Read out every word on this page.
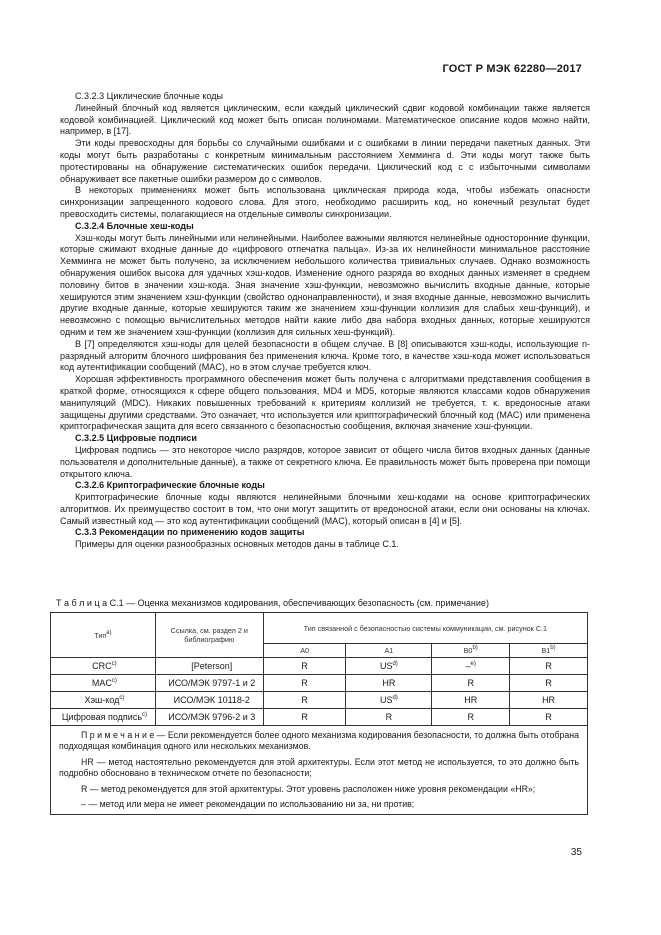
ГОСТ Р МЭК 62280—2017

С.3.2.3 Циклические блочные коды

Линейный блочный код является циклическим, если каждый циклический сдвиг кодовой комбинации также является кодовой комбинацией. Циклический код может быть описан полиномами. Математическое описание кодов можно найти, например, в [17].

Эти коды превосходны для борьбы со случайными ошибками и с ошибками в линии передачи пакетных данных. Эти коды могут быть разработаны с конкретным минимальным расстоянием Хемминга d. Эти коды могут также быть протестированы на обнаружение систематических ошибок передачи. Циклический код с с избыточными символами обнаруживает все пакетные ошибки размером до с символов.

В некоторых применениях может быть использована циклическая природа кода, чтобы избежать опасности синхронизации запрещенного кодового слова. Для этого, необходимо расширить код, но конечный результат будет превосходить системы, полагающиеся на отдельные символы синхронизации.

С.3.2.4 Блочные хеш-коды

Хэш-коды могут быть линейными или нелинейными. Наиболее важными являются нелинейные односторонние функции, которые сжимают входные данные до «цифрового отпечатка пальца». Из-за их нелинейности минимальное расстояние Хемминга не может быть получено, за исключением небольшого количества тривиальных случаев. Однако возможность обнаружения ошибок высока для удачных хэш-кодов. Изменение одного разряда во входных данных изменяет в среднем половину битов в значении хэш-кода. Зная значение хэш-функции, невозможно вычислить входные данные, которые хешируются этим значением хэш-функции (свойство однонаправленности), и зная входные данные, невозможно вычислить другие входные данные, которые хешируются таким же значением хэш-функции коллизия для слабых хеш-функций), и невозможно с помощью вычислительных методов найти какие либо два набора входных данных, которые хешируются одним и тем же значением хэш-функции (коллизия для сильных хеш-функций).

В [7] определяются хэш-коды для целей безопасности в общем случае. В [8] описываются хэш-коды, использующие n-разрядный алгоритм блочного шифрования без применения ключа. Кроме того, в качестве хэш-кода может использоваться код аутентификации сообщений (MAC), но в этом случае требуется ключ.

Хорошая эффективность программного обеспечения может быть получена с алгоритмами представления сообщения в краткой форме, относящихся к сфере общего пользования, MD4 и MD5, которые являются классами кодов обнаружения манипуляций (MDC). Никаких повышенных требований к критериям коллизий не требуется, т. к. вредоносные атаки защищены другими средствами. Это означает, что используется или криптографический блочный код (MAC) или применена криптографическая защита для всего связанного с безопасностью сообщения, включая значение хэш-функции.

С.3.2.5 Цифровые подписи

Цифровая подпись — это некоторое число разрядов, которое зависит от общего числа битов входных данных (данные пользователя и дополнительные данные), а также от секретного ключа. Ее правильность может быть проверена при помощи открытого ключа.

С.3.2.6 Криптографические блочные коды

Криптографические блочные коды являются нелинейными блочными хеш-кодами на основе криптографических алгоритмов. Их преимущество состоит в том, что они могут защитить от вредоносной атаки, если они основаны на ключах. Самый известный код — это код аутентификации сообщений (MAC), который описан в [4] и [5].

С.3.3 Рекомендации по применению кодов защиты

Примеры для оценки разнообразных основных методов даны в таблице С.1.

Т а б л и ц а С.1 — Оценка механизмов кодирования, обеспечивающих безопасность (см. примечание)
Тип$^{a)}$	Ссылка, см. раздел 2 и библиографию	Тип связанной с безопасностью системы коммуникации, см. рисунок С.1			
		A0	A1	B0$^{b)}$	B1$^{b)}$
CRC$^{c)}$	[Peterson]	R	US$^{d)}$	–$^{e)}$	R
MAC$^{c)}$	ИСО/МЭК 9797-1 и 2	R	HR	R	R
Хэш-код$^{c)}$	ИСО/МЭК 10118-2	R	US$^{d)}$	HR	HR
Цифровая подпись$^{c)}$	ИСО/МЭК 9796-2 и 3	R	R	R	R

П р и м е ч а н и е — Если рекомендуется более одного механизма кодирования безопасности, то должна быть отобрана подходящая комбинация одного или нескольких механизмов.

HR — метод настоятельно рекомендуется для этой архитектуры. Если этот метод не используется, то это должно быть подробно обосновано в техническом отчете по безопасности;

R — метод рекомендуется для этой архитектуры. Этот уровень расположен ниже уровня рекомендации «HR»;

– — метод или мера не имеет рекомендации по использованию ни за, ни против;					

35
